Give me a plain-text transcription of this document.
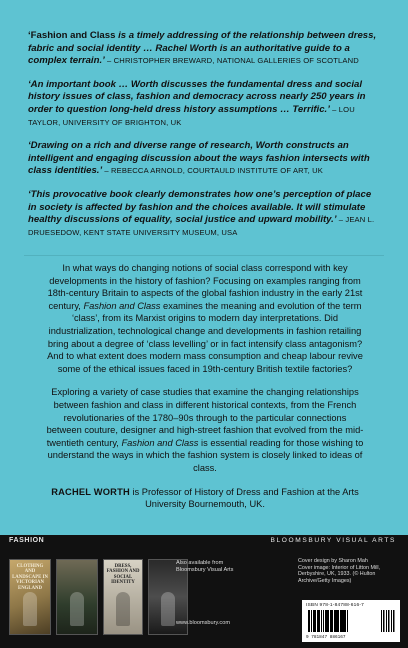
‘Fashion and Class is a timely addressing of the relationship between dress, fabric and social identity … Rachel Worth is an authoritative guide to a complex terrain.’ – CHRISTOPHER BREWARD, NATIONAL GALLERIES OF SCOTLAND

‘An important book … Worth discusses the fundamental dress and social history issues of class, fashion and democracy across nearly 250 years in order to question long-held dress history assumptions … Terrific.’ – LOU TAYLOR, UNIVERSITY OF BRIGHTON, UK

‘Drawing on a rich and diverse range of research, Worth constructs an intelligent and engaging discussion about the ways fashion intersects with class identities.’ – REBECCA ARNOLD, COURTAULD INSTITUTE OF ART, UK

‘This provocative book clearly demonstrates how one’s perception of place in society is affected by fashion and the choices available. It will stimulate healthy discussions of equality, social justice and upward mobility.’ – JEAN L. DRUESEDOW, KENT STATE UNIVERSITY MUSEUM, USA

In what ways do changing notions of social class correspond with key developments in the history of fashion? Focusing on examples ranging from 18th-century Britain to aspects of the global fashion industry in the early 21st century, Fashion and Class examines the meaning and evolution of the term ‘class’, from its Marxist origins to modern day interpretations. Did industrialization, technological change and developments in fashion retailing bring about a degree of ‘class levelling’ or in fact intensify class antagonism? And to what extent does modern mass consumption and cheap labour revive some of the ethical issues faced in 19th-century British textile factories?

Exploring a variety of case studies that examine the changing relationships between fashion and class in different historical contexts, from the French revolutionaries of the 1780–90s through to the particular connections between couture, designer and high-street fashion that evolved from the mid-twentieth century, Fashion and Class is essential reading for those wishing to understand the ways in which the fashion system is closely linked to ideas of class.

RACHEL WORTH is Professor of History of Dress and Fashion at the Arts University Bournemouth, UK.

FASHION	BLOOMSBURY VISUAL ARTS
CLOTHING AND LANDSCAPE IN VICTORIAN ENGLAND
DRESS, FASHION AND SOCIAL IDENTITY
Also available from Bloomsbury Visual Arts
www.bloomsbury.com
Cover design by Sharon Mah
Cover image: Interior of Litton Mill, Derbyshire, UK, 1933. (© Hulton Archive/Getty Images)
ISBN 978-1-84788-616-7
9 781847 886167
